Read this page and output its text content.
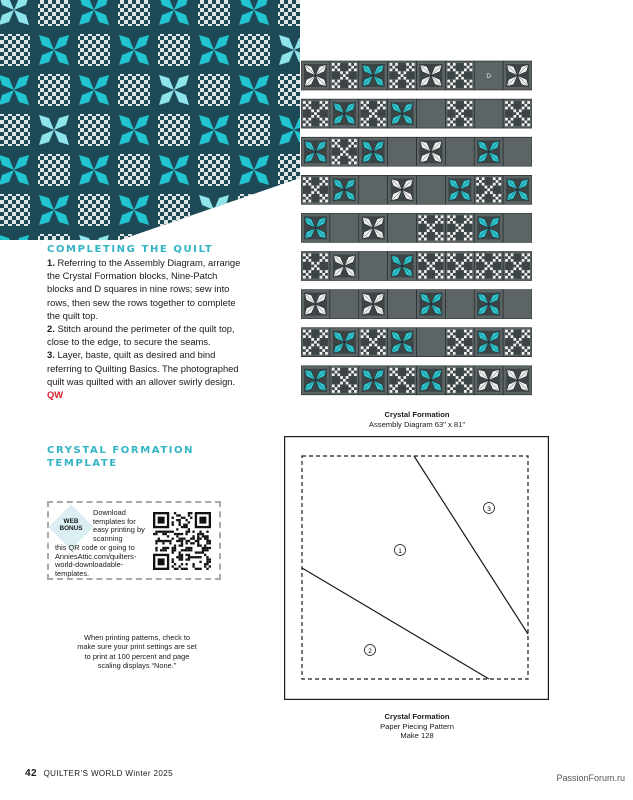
COMPLETING THE QUILT

1. Referring to the Assembly Diagram, arrange the Crystal Formation blocks, Nine-Patch blocks and D squares in nine rows; sew into rows, then sew the rows together to complete the quilt top.

2. Stitch around the perimeter of the quilt top, close to the edge, to secure the seams.

3. Layer, baste, quilt as desired and bind referring to Quilting Basics. The photographed quilt was quilted with an allover swirly design. QW

CRYSTAL FORMATION
TEMPLATE
WEB
BONUS
Download templates for easy printing by scanning
this QR code or going to AnniesAttic.com/quilters-world-downloadable-templates.
When printing patterns, check to make sure your print settings are set to print at 100 percent and page scaling displays “None.”
D
Crystal Formation
Assembly Diagram 63" x 81"
1
2
3
Crystal Formation
Paper Piecing Pattern
Make 128
42 QUILTER’S WORLD Winter 2025	PassionForum.ru
